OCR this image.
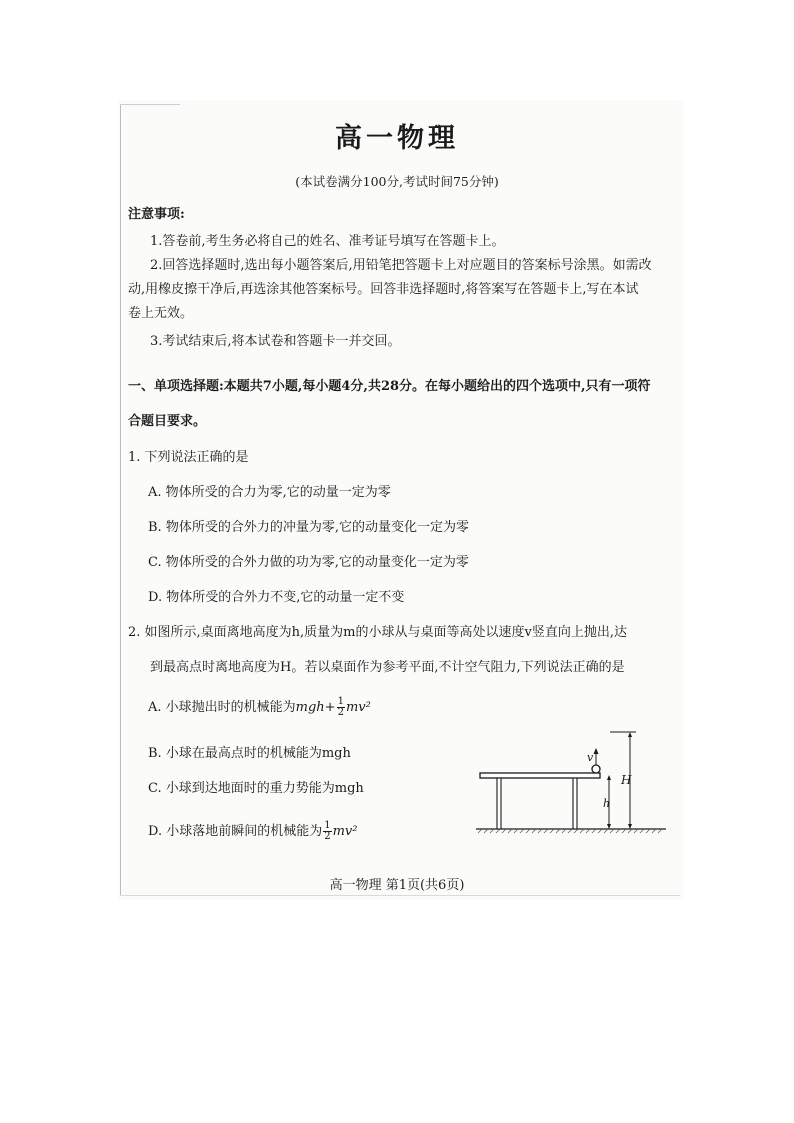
高一物理
(本试卷满分100分,考试时间75分钟)
注意事项:
1.答卷前,考生务必将自己的姓名、准考证号填写在答题卡上。
2.回答选择题时,选出每小题答案后,用铅笔把答题卡上对应题目的答案标号涂黑。如需改
动,用橡皮擦干净后,再选涂其他答案标号。回答非选择题时,将答案写在答题卡上,写在本试
卷上无效。
3.考试结束后,将本试卷和答题卡一并交回。
一、单项选择题:本题共7小题,每小题4分,共28分。在每小题给出的四个选项中,只有一项符
合题目要求。
1. 下列说法正确的是
A. 物体所受的合力为零,它的动量一定为零
B. 物体所受的合外力的冲量为零,它的动量变化一定为零
C. 物体所受的合外力做的功为零,它的动量变化一定为零
D. 物体所受的合外力不变,它的动量一定不变
2. 如图所示,桌面离地高度为h,质量为m的小球从与桌面等高处以速度v竖直向上抛出,达
到最高点时离地高度为H。若以桌面作为参考平面,不计空气阻力,下列说法正确的是
A. 小球抛出时的机械能为$mgh+ \frac{1}{2} mv^2$
B. 小球在最高点时的机械能为mgh
C. 小球到达地面时的重力势能为mgh
D. 小球落地前瞬间的机械能为 $\frac{1}{2} mv^2$
v
h
H
高一物理 第1页(共6页)
